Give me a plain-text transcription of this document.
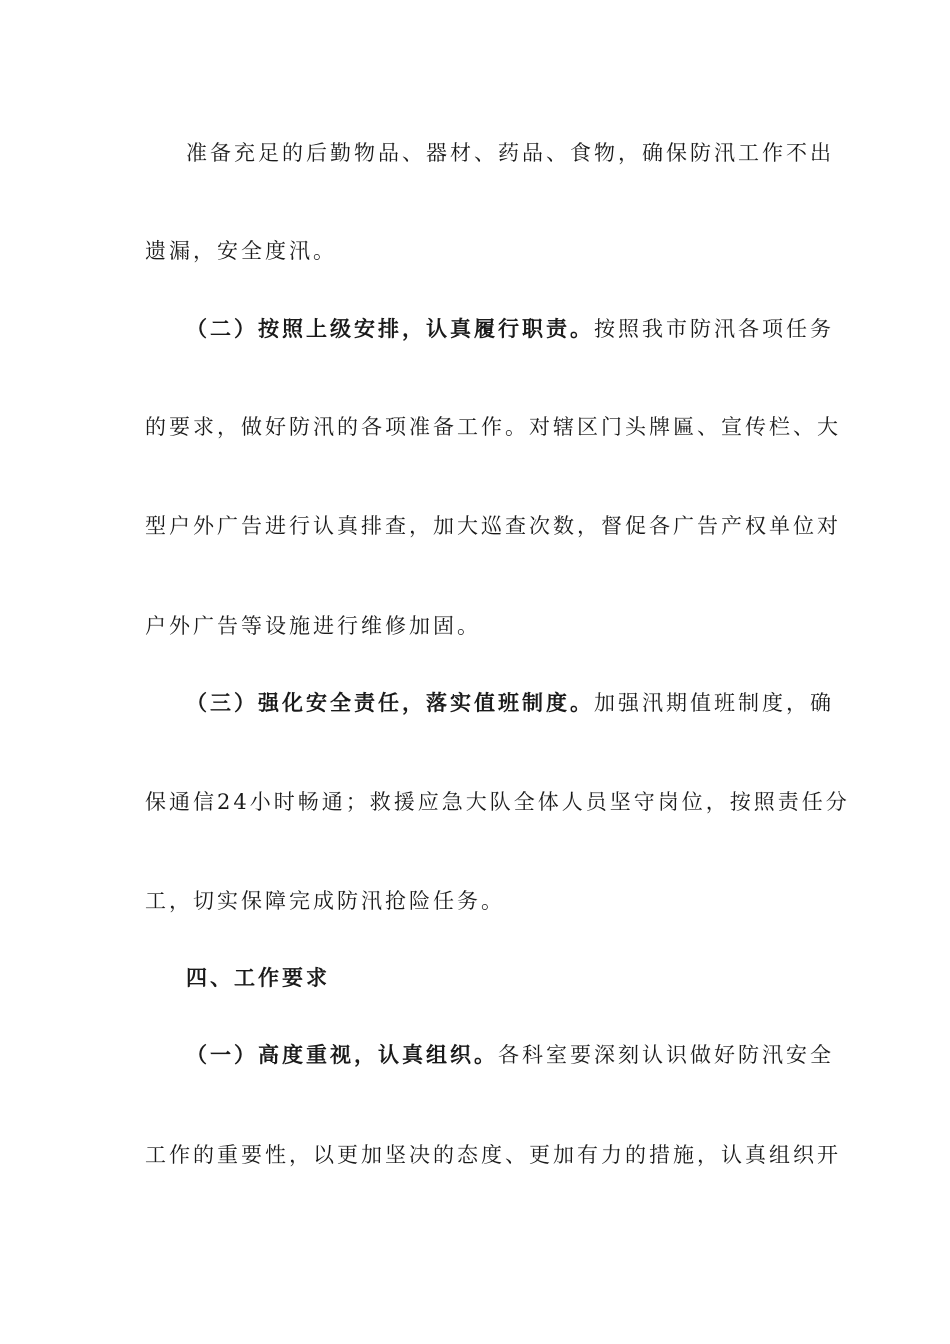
准备充足的后勤物品、器材、药品、食物，确保防汛工作不出
遗漏，安全度汛。
（二）按照上级安排，认真履行职责。按照我市防汛各项任务
的要求，做好防汛的各项准备工作。对辖区门头牌匾、宣传栏、大
型户外广告进行认真排查，加大巡查次数，督促各广告产权单位对
户外广告等设施进行维修加固。
（三）强化安全责任，落实值班制度。加强汛期值班制度，确
保通信24小时畅通；救援应急大队全体人员坚守岗位，按照责任分
工，切实保障完成防汛抢险任务。
四、工作要求
（一）高度重视，认真组织。各科室要深刻认识做好防汛安全
工作的重要性，以更加坚决的态度、更加有力的措施，认真组织开
